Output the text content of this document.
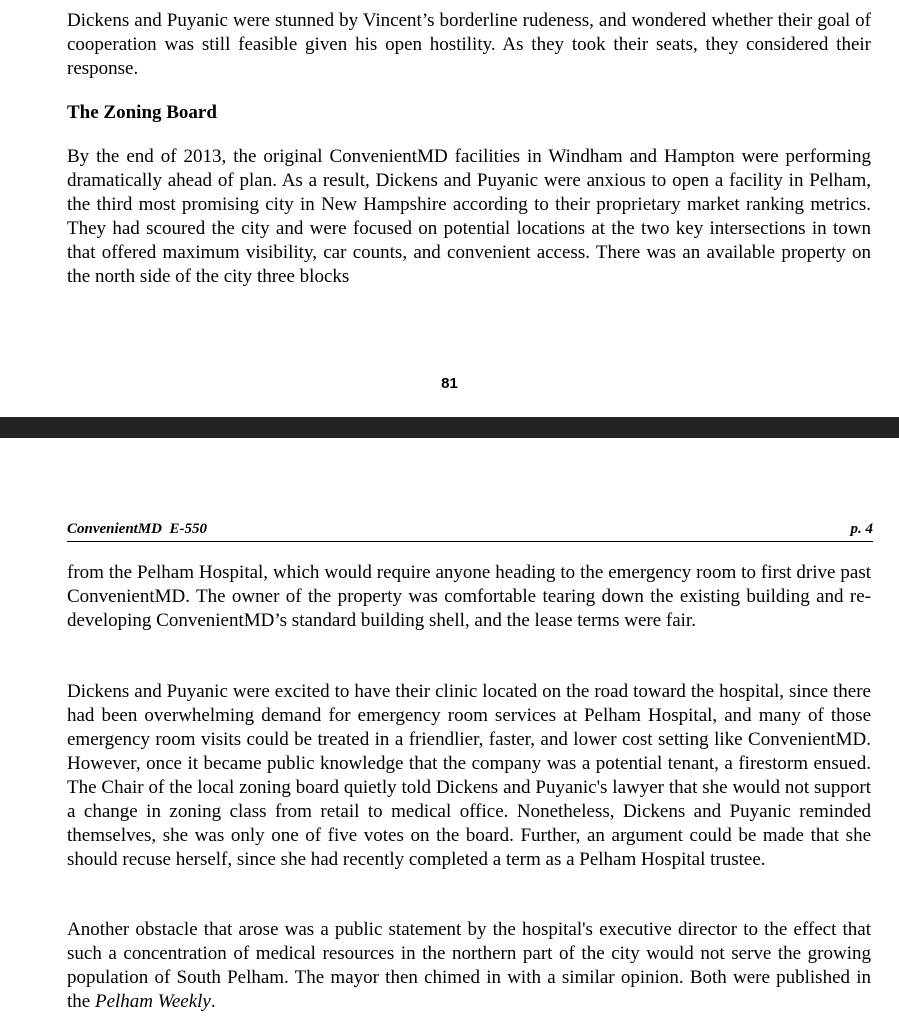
Dickens and Puyanic were stunned by Vincent’s borderline rudeness, and wondered whether their goal of cooperation was still feasible given his open hostility. As they took their seats, they considered their response.

The Zoning Board

By the end of 2013, the original ConvenientMD facilities in Windham and Hampton were performing dramatically ahead of plan. As a result, Dickens and Puyanic were anxious to open a facility in Pelham, the third most promising city in New Hampshire according to their proprietary market ranking metrics. They had scoured the city and were focused on potential locations at the two key intersections in town that offered maximum visibility, car counts, and convenient access. There was an available property on the north side of the city three blocks

81
ConvenientMD  E-550	p. 4

from the Pelham Hospital, which would require anyone heading to the emergency room to first drive past ConvenientMD. The owner of the property was comfortable tearing down the existing building and re-developing ConvenientMD’s standard building shell, and the lease terms were fair.

Dickens and Puyanic were excited to have their clinic located on the road toward the hospital, since there had been overwhelming demand for emergency room services at Pelham Hospital, and many of those emergency room visits could be treated in a friendlier, faster, and lower cost setting like ConvenientMD. However, once it became public knowledge that the company was a potential tenant, a firestorm ensued. The Chair of the local zoning board quietly told Dickens and Puyanic's lawyer that she would not support a change in zoning class from retail to medical office. Nonetheless, Dickens and Puyanic reminded themselves, she was only one of five votes on the board. Further, an argument could be made that she should recuse herself, since she had recently completed a term as a Pelham Hospital trustee.

Another obstacle that arose was a public statement by the hospital's executive director to the effect that such a concentration of medical resources in the northern part of the city would not serve the growing population of South Pelham. The mayor then chimed in with a similar opinion. Both were published in the Pelham Weekly.
